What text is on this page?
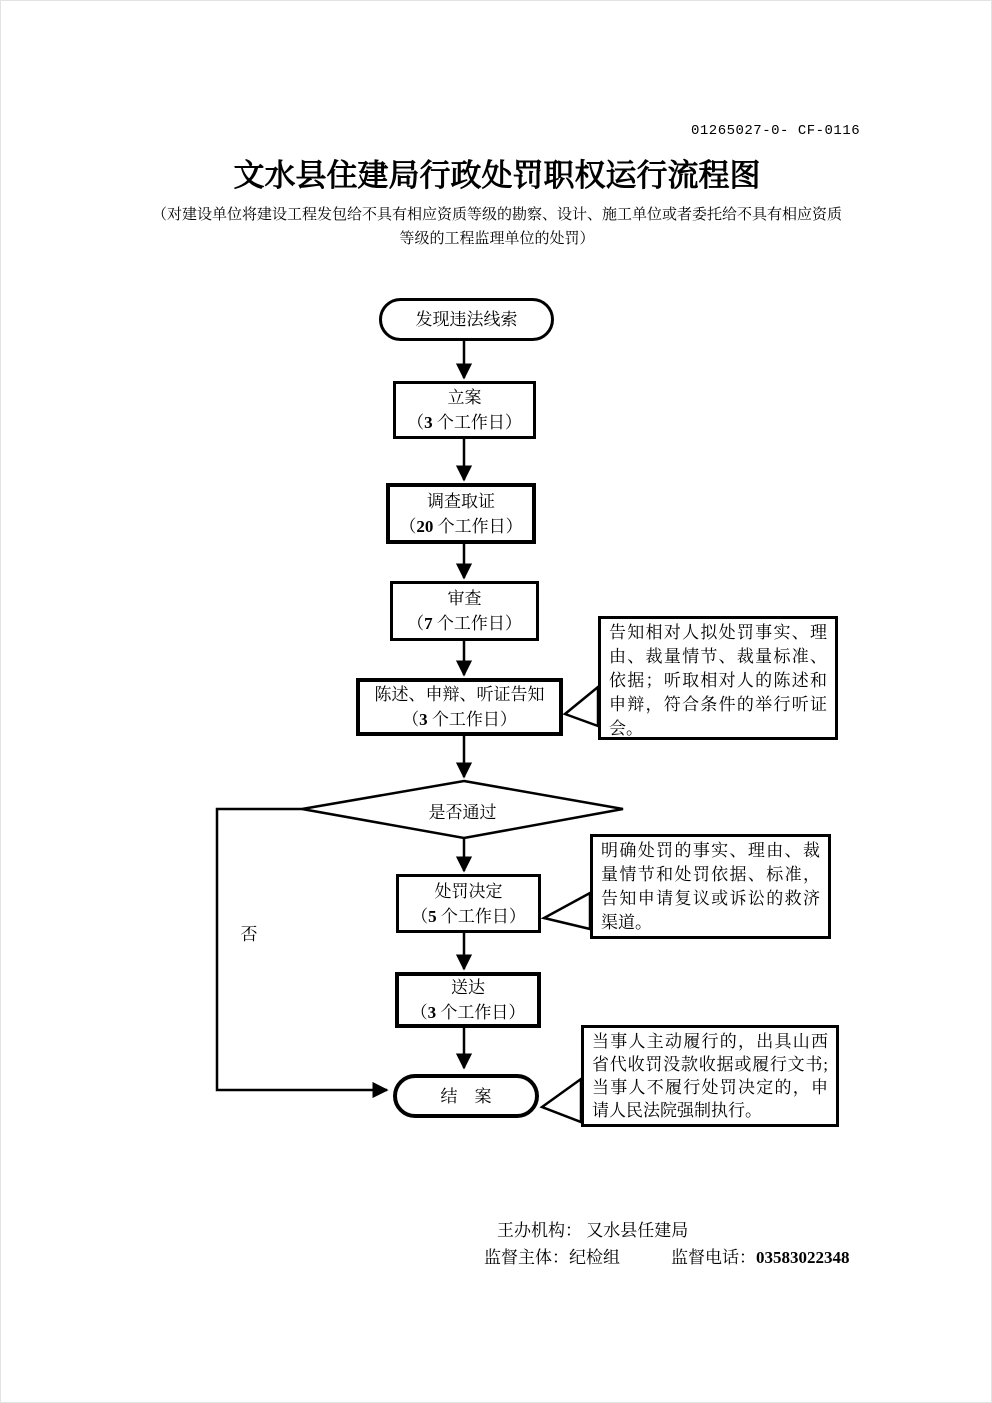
01265027-0- CF-0116
文水县住建局行政处罚职权运行流程图
（对建设单位将建设工程发包给不具有相应资质等级的勘察、设计、施工单位或者委托给不具有相应资质等级的工程监理单位的处罚）
发现违法线索
立案
（3 个工作日）
调查取证
（20 个工作日）
审查
（7 个工作日）
陈述、申辩、听证告知
（3 个工作日）
是否通过
否
处罚决定
（5 个工作日）
送达
（3 个工作日）
结　案
告知相对人拟处罚事实、理由、裁量情节、裁量标准、依据；听取相对人的陈述和申辩，符合条件的举行听证会。
明确处罚的事实、理由、裁量情节和处罚依据、标准，告知申请复议或诉讼的救济渠道。
当事人主动履行的，出具山西省代收罚没款收据或履行文书;当事人不履行处罚决定的，申请人民法院强制执行。
王办机构： 又水县任建局
监督主体：纪检组　　　监督电话：03583022348
